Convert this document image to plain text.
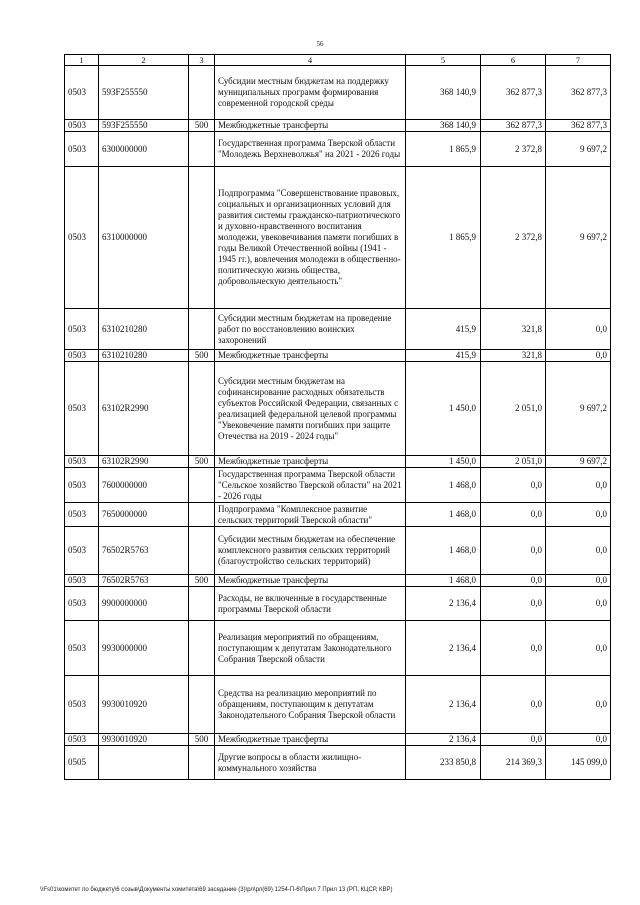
56
1	2	3	4	5	6	7
0503	593F255550		Субсидии местным бюджетам на поддержку муниципальных программ формирования современной городской среды	368 140,9	362 877,3	362 877,3
0503	593F255550	500	Межбюджетные трансферты	368 140,9	362 877,3	362 877,3
0503	6300000000		Государственная программа Тверской области "Молодежь Верхневолжья" на 2021 - 2026 годы	1 865,9	2 372,8	9 697,2
0503	6310000000		Подпрограмма "Совершенствование правовых, социальных и организационных условий для развития системы гражданско-патриотического и духовно-нравственного воспитания молодежи, увековечивания памяти погибших в годы Великой Отечественной войны (1941 - 1945 гг.), вовлечения молодежи в общественно-политическую жизнь общества, добровольческую деятельность"	1 865,9	2 372,8	9 697,2
0503	6310210280		Субсидии местным бюджетам на проведение работ по восстановлению воинских захоронений	415,9	321,8	0,0
0503	6310210280	500	Межбюджетные трансферты	415,9	321,8	0,0
0503	63102R2990		Субсидии местным бюджетам на софинансирование расходных обязательств субъектов Российской Федерации, связанных с реализацией федеральной целевой программы "Увековечение памяти погибших при защите Отечества на 2019 - 2024 годы"	1 450,0	2 051,0	9 697,2
0503	63102R2990	500	Межбюджетные трансферты	1 450,0	2 051,0	9 697,2
0503	7600000000		Государственная программа Тверской области "Сельское хозяйство Тверской области" на 2021 - 2026 годы	1 468,0	0,0	0,0
0503	7650000000		Подпрограмма "Комплексное развитие сельских территорий Тверской области"	1 468,0	0,0	0,0
0503	76502R5763		Субсидии местным бюджетам на обеспечение комплексного развития сельских территорий (благоустройство сельских территорий)	1 468,0	0,0	0,0
0503	76502R5763	500	Межбюджетные трансферты	1 468,0	0,0	0,0
0503	9900000000		Расходы, не включенные в государственные программы Тверской области	2 136,4	0,0	0,0
0503	9930000000		Реализация мероприятий по обращениям, поступающим к депутатам Законодательного Собрания Тверской области	2 136,4	0,0	0,0
0503	9930010920		Средства на реализацию мероприятий по обращениям, поступающим к депутатам Законодательного Собрания Тверской области	2 136,4	0,0	0,0
0503	9930010920	500	Межбюджетные трансферты	2 136,4	0,0	0,0
0505			Другие вопросы в области жилищно-коммунального хозяйства	233 850,8	214 369,3	145 099,0
\\Fs01\комитет по бюджету\6 созыв\Документы комитета\69 заседание (3)\рл\рл(69) 1254-П-6\Прил 7 Прил 13 (РП, КЦСР, КВР)
